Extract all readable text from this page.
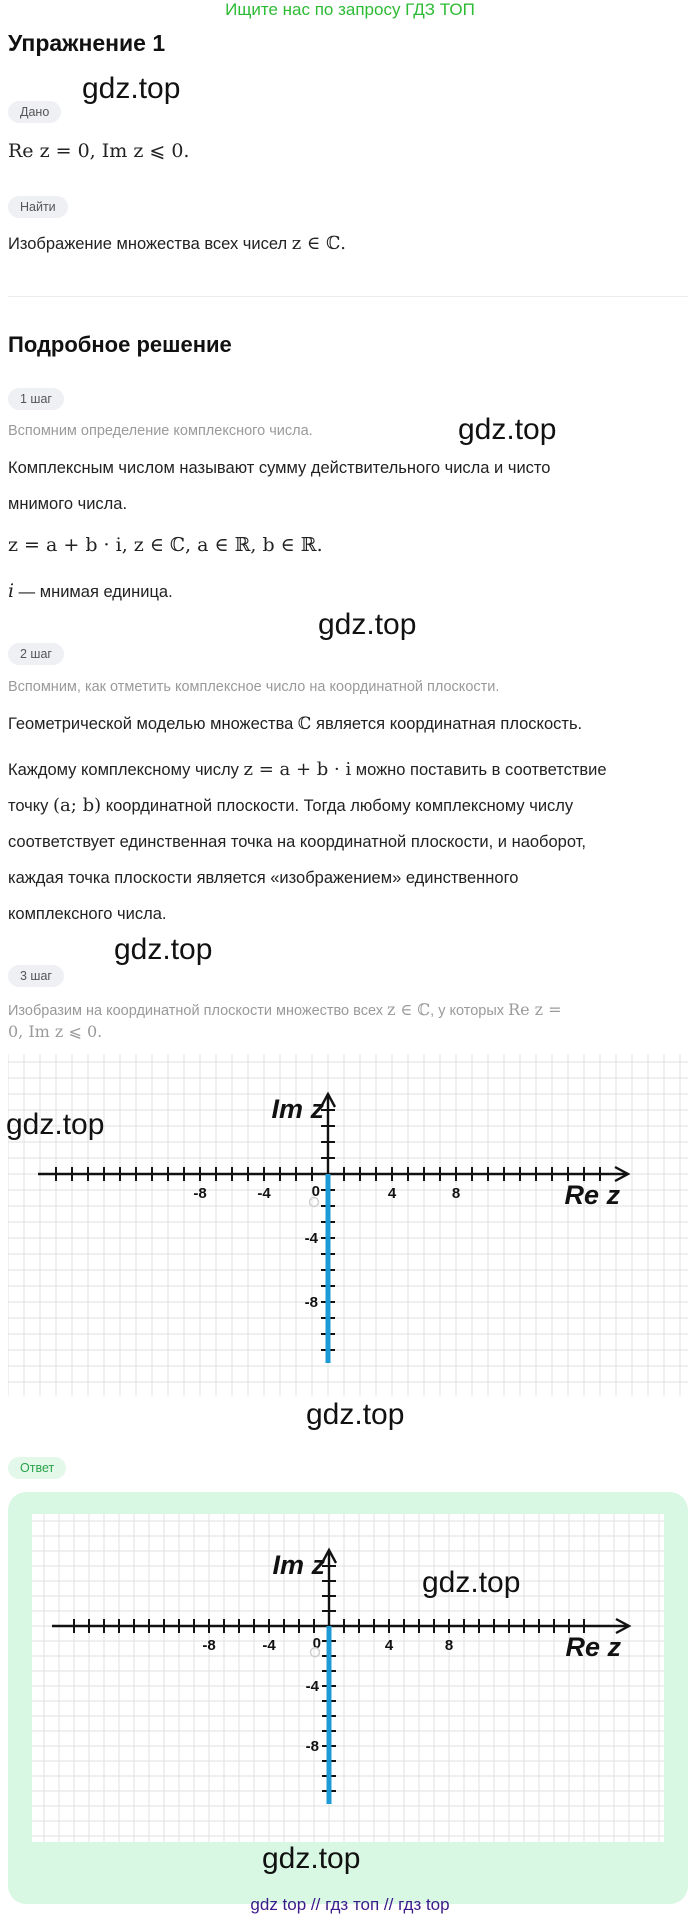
Ищите нас по запросу ГДЗ ТОП
Упражнение 1
gdz.top
Дано
Re z = 0, Im z ⩽ 0.
Найти
Изображение множества всех чисел z ∈ ℂ.
Подробное решение
1 шаг
Вспомним определение комплексного числа.	gdz.top
Комплексным числом называют сумму действительного числа и чисто
мнимого числа.
z = a + b · i, z ∈ ℂ, a ∈ ℝ, b ∈ ℝ.
i — мнимая единица.
gdz.top
2 шаг
Вспомним, как отметить комплексное число на координатной плоскости.
Геометрической моделью множества ℂ является координатная плоскость.
Каждому комплексному числу z = a + b · i можно поставить в соответствие
точку (a; b) координатной плоскости. Тогда любому комплексному числу
соответствует единственная точка на координатной плоскости, и наоборот,
каждая точка плоскости является «изображением» единственного
комплексного числа.
gdz.top
3 шаг
Изобразим на координатной плоскости множество всех z ∈ ℂ, у которых Re z =
0, Im z ⩽ 0.
-8	-4	4	8
-4
-8
0	Re z
Im z
gdz.top
gdz.top
Ответ
-8	-4	4	8
-4
-8
0	Re z
Im z
gdz.top
gdz.top
gdz top // гдз топ // гдз top
